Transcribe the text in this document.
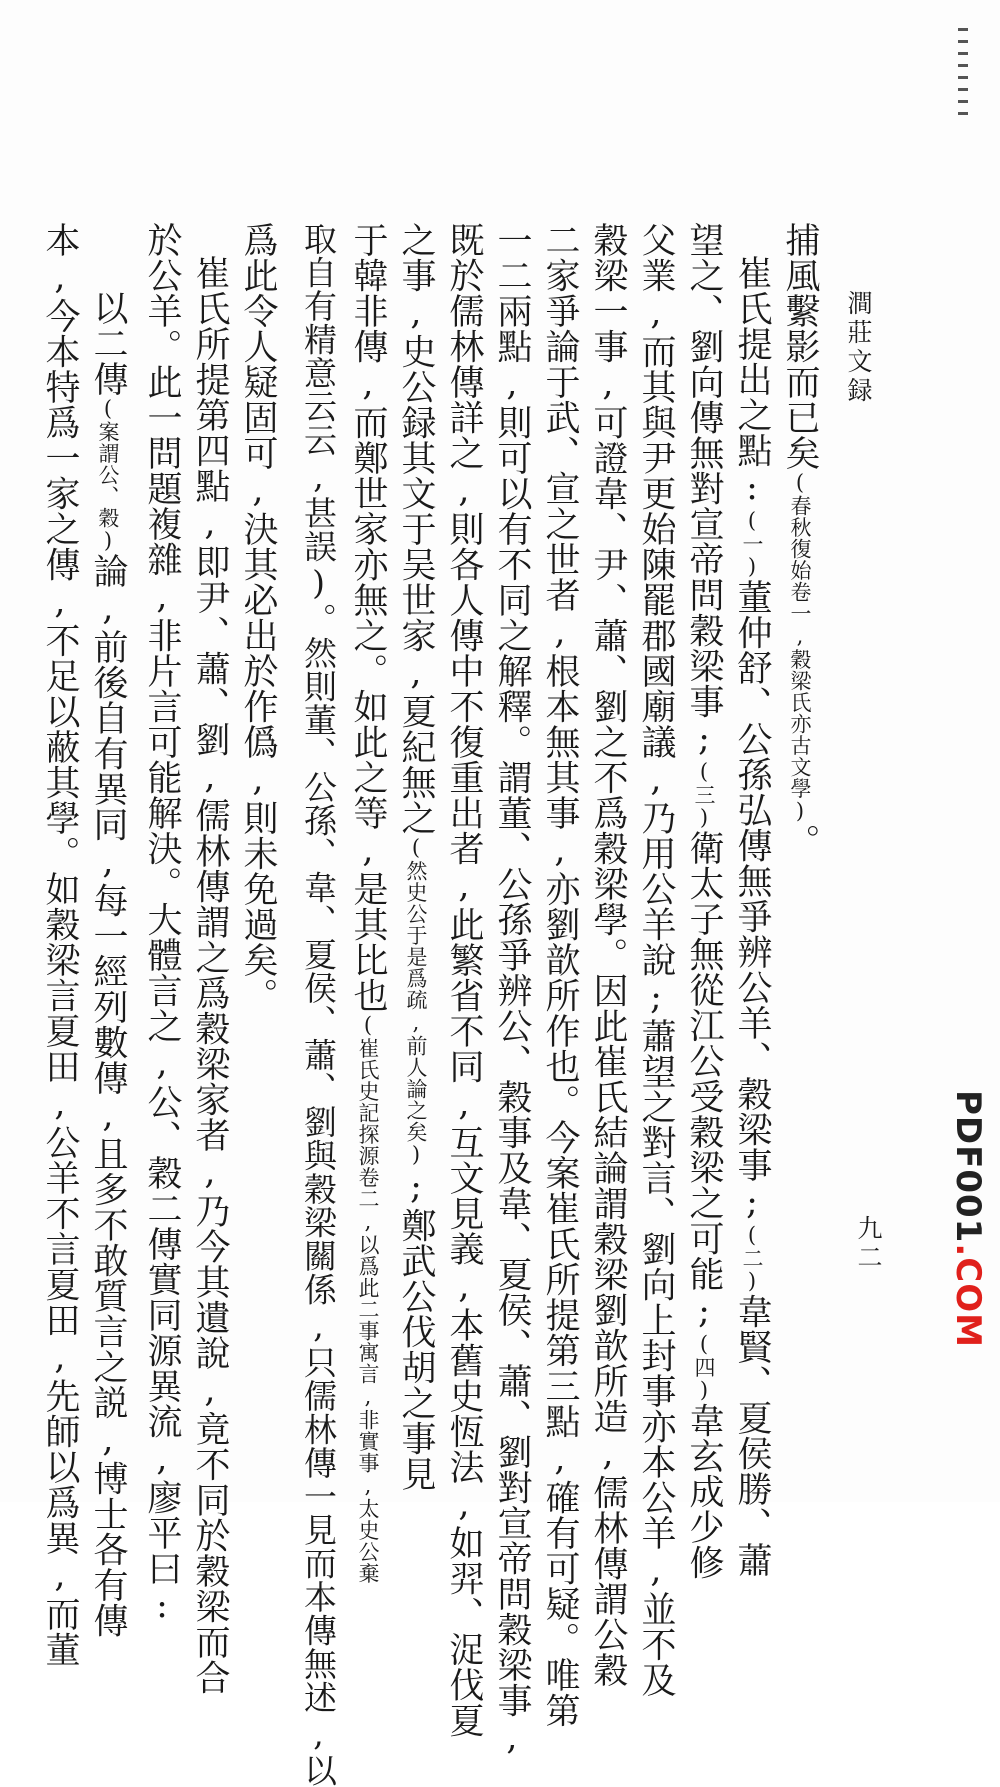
澗莊文録
九二
PDF001.COM
捕風繫影而已矣(春秋復始卷一,穀梁氏亦古文學)。
崔氏提出之點:(一)董仲舒、公孫弘傳無爭辨公羊、穀梁事;(二)韋賢、夏侯勝、蕭
望之、劉向傳無對宣帝問穀梁事;(三)衛太子無從江公受穀梁之可能;(四)韋玄成少修
父業,而其與尹更始陳罷郡國廟議,乃用公羊說;蕭望之對言、劉向上封事亦本公羊,並不及
穀梁一事,可證韋、尹、蕭、劉之不爲穀梁學。因此崔氏結論謂穀梁劉歆所造,儒林傳謂公穀
二家爭論于武、宣之世者,根本無其事,亦劉歆所作也。今案崔氏所提第三點,確有可疑。唯第
一二兩點,則可以有不同之解釋。謂董、公孫爭辨公、穀事及韋、夏侯、蕭、劉對宣帝問穀梁事,
既於儒林傳詳之,則各人傳中不復重出者,此繁省不同,互文見義,本舊史恆法,如羿、浞伐夏
之事,史公録其文于吴世家,夏紀無之(然史公于是爲疏,前人論之矣);鄭武公伐胡之事見
于韓非傳,而鄭世家亦無之。如此之等,是其比也(崔氏史記探源卷二,以爲此二事寓言,非實事,太史公棄
取自有精意云云,甚誤)。然則董、公孫、韋、夏侯、蕭、劉與穀梁關係,只儒林傳一見而本傳無述,以
爲此令人疑固可,決其必出於作僞,則未免過矣。
崔氏所提第四點,即尹、蕭、劉,儒林傳謂之爲穀梁家者,乃今其遺說,竟不同於穀梁而合
於公羊。此一問題複雜,非片言可能解決。大體言之,公、穀二傳實同源異流,廖平曰:
以二傳(案謂公、穀)論,前後自有異同,每一經列數傳,且多不敢質言之説,博士各有傳
本,今本特爲一家之傳,不足以蔽其學。如穀梁言夏田,公羊不言夏田,先師以爲異,而董
